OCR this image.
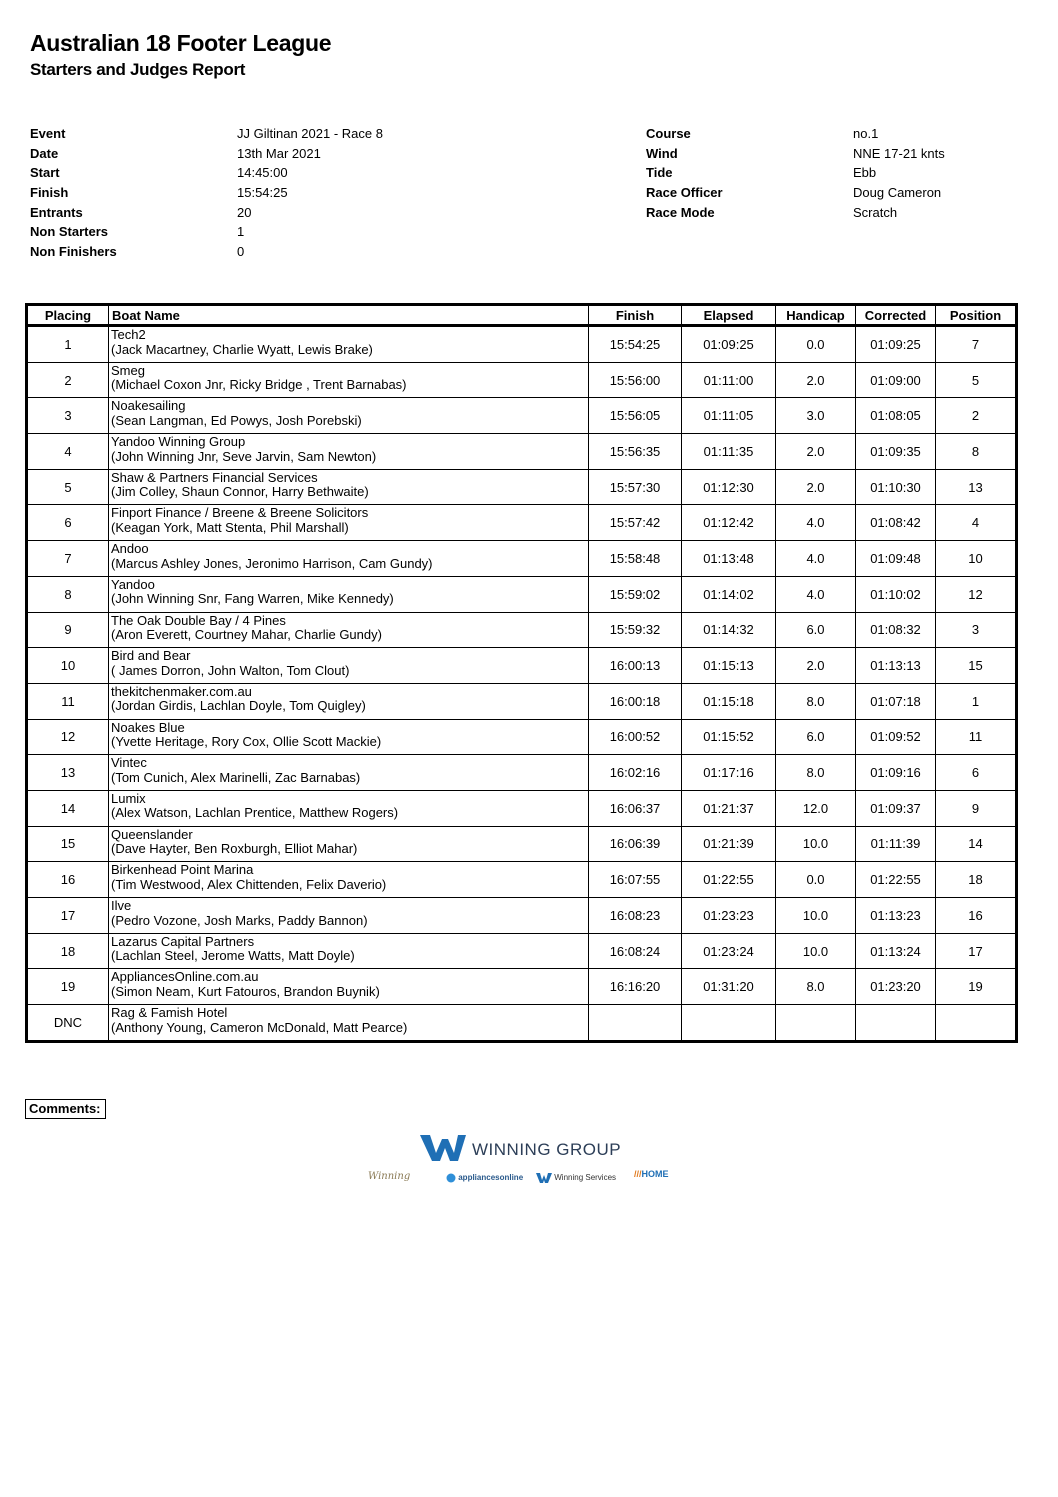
Australian 18 Footer League
Starters and Judges Report
Event	JJ Giltinan 2021 - Race 8
Date	13th Mar 2021
Start	14:45:00
Finish	15:54:25
Entrants	20
Non Starters	1
Non Finishers	0
Course	no.1
Wind	NNE 17-21 knts
Tide	Ebb
Race Officer	Doug Cameron
Race Mode	Scratch
Placing	Boat Name	Finish	Elapsed	Handicap	Corrected	Position
1	Tech2
(Jack Macartney, Charlie Wyatt, Lewis Brake)	15:54:25	01:09:25	0.0	01:09:25	7
2	Smeg
(Michael Coxon Jnr, Ricky Bridge , Trent Barnabas)	15:56:00	01:11:00	2.0	01:09:00	5
3	Noakesailing
(Sean Langman, Ed Powys, Josh Porebski)	15:56:05	01:11:05	3.0	01:08:05	2
4	Yandoo Winning Group
(John Winning Jnr, Seve Jarvin, Sam Newton)	15:56:35	01:11:35	2.0	01:09:35	8
5	Shaw & Partners Financial Services
(Jim Colley, Shaun Connor, Harry Bethwaite)	15:57:30	01:12:30	2.0	01:10:30	13
6	Finport Finance / Breene & Breene Solicitors
(Keagan York, Matt Stenta, Phil Marshall)	15:57:42	01:12:42	4.0	01:08:42	4
7	Andoo
(Marcus Ashley Jones, Jeronimo Harrison, Cam Gundy)	15:58:48	01:13:48	4.0	01:09:48	10
8	Yandoo
(John Winning Snr, Fang Warren, Mike Kennedy)	15:59:02	01:14:02	4.0	01:10:02	12
9	The Oak Double Bay / 4 Pines
(Aron Everett, Courtney Mahar, Charlie Gundy)	15:59:32	01:14:32	6.0	01:08:32	3
10	Bird and Bear
( James Dorron, John Walton, Tom Clout)	16:00:13	01:15:13	2.0	01:13:13	15
11	thekitchenmaker.com.au
(Jordan Girdis, Lachlan Doyle, Tom Quigley)	16:00:18	01:15:18	8.0	01:07:18	1
12	Noakes Blue
(Yvette Heritage, Rory Cox, Ollie Scott Mackie)	16:00:52	01:15:52	6.0	01:09:52	11
13	Vintec
(Tom Cunich, Alex Marinelli, Zac Barnabas)	16:02:16	01:17:16	8.0	01:09:16	6
14	Lumix
(Alex Watson, Lachlan Prentice, Matthew Rogers)	16:06:37	01:21:37	12.0	01:09:37	9
15	Queenslander
(Dave Hayter, Ben Roxburgh, Elliot Mahar)	16:06:39	01:21:39	10.0	01:11:39	14
16	Birkenhead Point Marina
(Tim Westwood, Alex Chittenden, Felix Daverio)	16:07:55	01:22:55	0.0	01:22:55	18
17	Ilve
(Pedro Vozone, Josh Marks, Paddy Bannon)	16:08:23	01:23:23	10.0	01:13:23	16
18	Lazarus Capital Partners
(Lachlan Steel, Jerome Watts, Matt Doyle)	16:08:24	01:23:24	10.0	01:13:24	17
19	AppliancesOnline.com.au
(Simon Neam, Kurt Fatouros, Brandon Buynik)	16:16:20	01:31:20	8.0	01:23:20	19
DNC	Rag & Famish Hotel
(Anthony Young, Cameron McDonald, Matt Pearce)					

Comments:
WINNING GROUP
Winning	appliancesonline	Winning Services ///HOME
